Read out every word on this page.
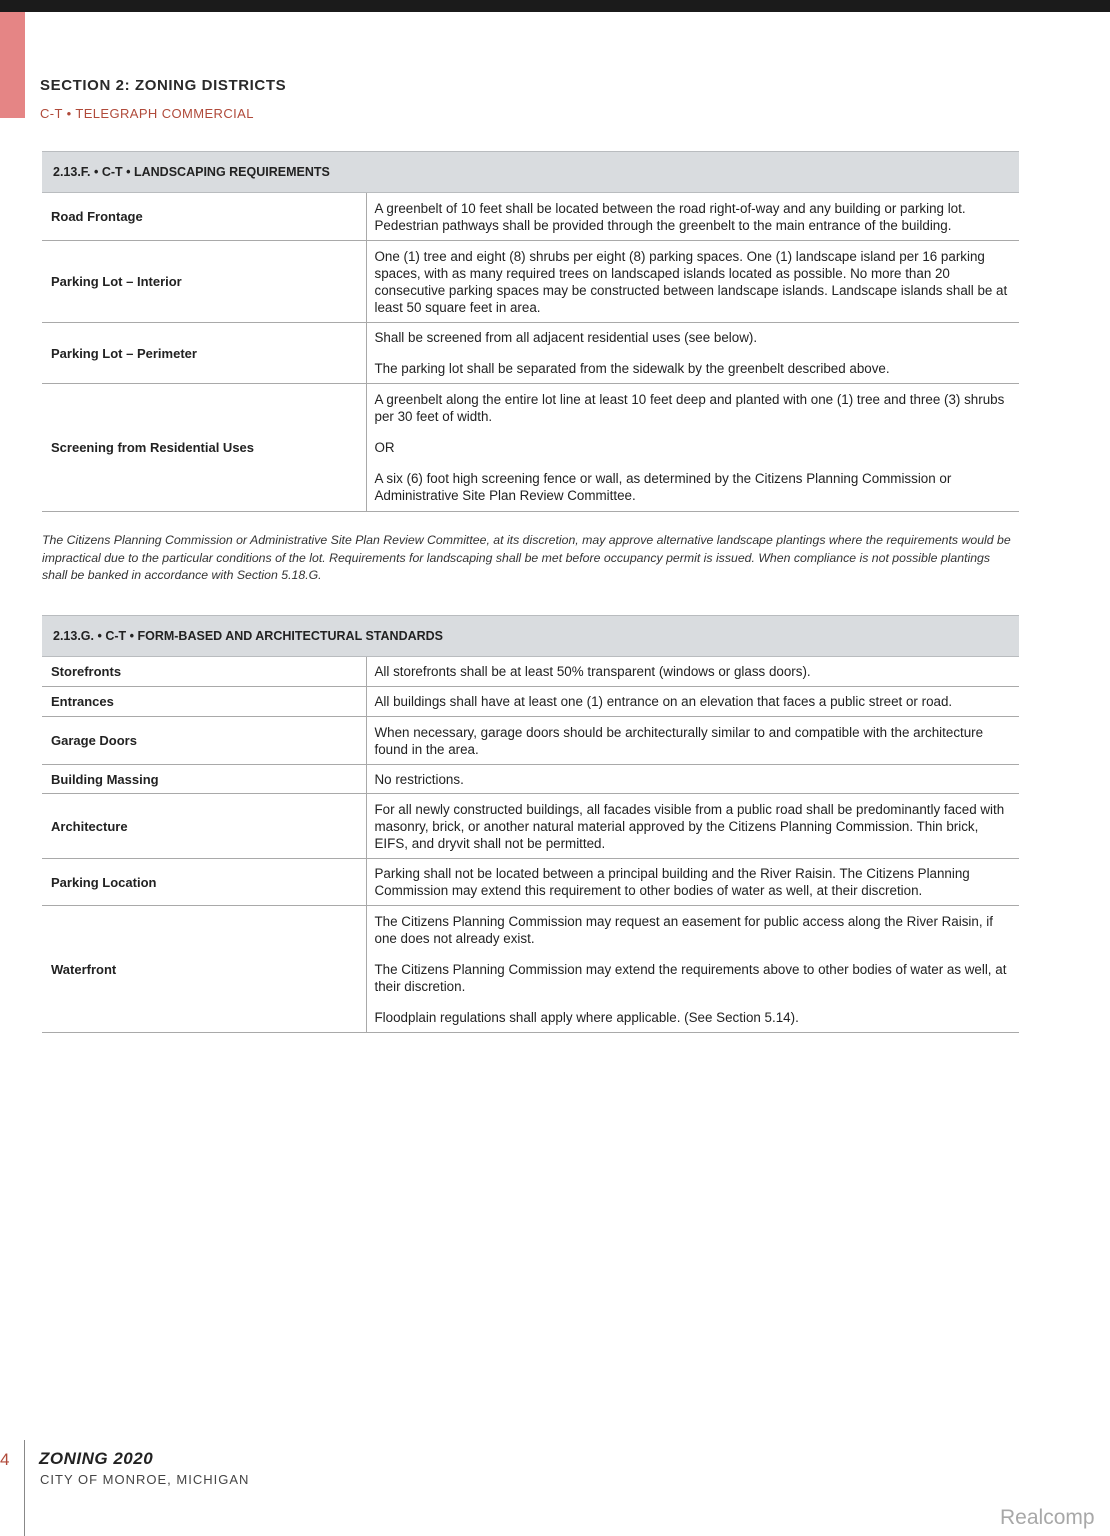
SECTION 2: ZONING DISTRICTS
C-T • TELEGRAPH COMMERCIAL
2.13.F. • C-T • LANDSCAPING REQUIREMENTS	
Road Frontage	A greenbelt of 10 feet shall be located between the road right-of-way and any building or parking lot. Pedestrian pathways shall be provided through the greenbelt to the main entrance of the building.

Parking Lot – Interior	One (1) tree and eight (8) shrubs per eight (8) parking spaces. One (1) landscape island per 16 parking spaces, with as many required trees on landscaped islands located as possible. No more than 20 consecutive parking spaces may be constructed between landscape islands. Landscape islands shall be at least 50 square feet in area.

Parking Lot – Perimeter	Shall be screened from all adjacent residential uses (see below).

The parking lot shall be separated from the sidewalk by the greenbelt described above.

Screening from Residential Uses	A greenbelt along the entire lot line at least 10 feet deep and planted with one (1) tree and three (3) shrubs per 30 feet of width.

OR

A six (6) foot high screening fence or wall, as determined by the Citizens Planning Commission or Administrative Site Plan Review Committee.

The Citizens Planning Commission or Administrative Site Plan Review Committee, at its discretion, may approve alternative landscape plantings where the requirements would be impractical due to the particular conditions of the lot. Requirements for landscaping shall be met before occupancy permit is issued. When compliance is not possible plantings shall be banked in accordance with Section 5.18.G.
2.13.G. • C-T • FORM-BASED AND ARCHITECTURAL STANDARDS	
Storefronts	All storefronts shall be at least 50% transparent (windows or glass doors).

Entrances	All buildings shall have at least one (1) entrance on an elevation that faces a public street or road.

Garage Doors	When necessary, garage doors should be architecturally similar to and compatible with the architecture found in the area.

Building Massing	No restrictions.

Architecture	For all newly constructed buildings, all facades visible from a public road shall be predominantly faced with masonry, brick, or another natural material approved by the Citizens Planning Commission. Thin brick, EIFS, and dryvit shall not be permitted.

Parking Location	Parking shall not be located between a principal building and the River Raisin. The Citizens Planning Commission may extend this requirement to other bodies of water as well, at their discretion.

Waterfront	The Citizens Planning Commission may request an easement for public access along the River Raisin, if one does not already exist.

The Citizens Planning Commission may extend the requirements above to other bodies of water as well, at their discretion.

Floodplain regulations shall apply where applicable. (See Section 5.14).

4 ZONING 2020
CITY OF MONROE, MICHIGAN
Realcomp
